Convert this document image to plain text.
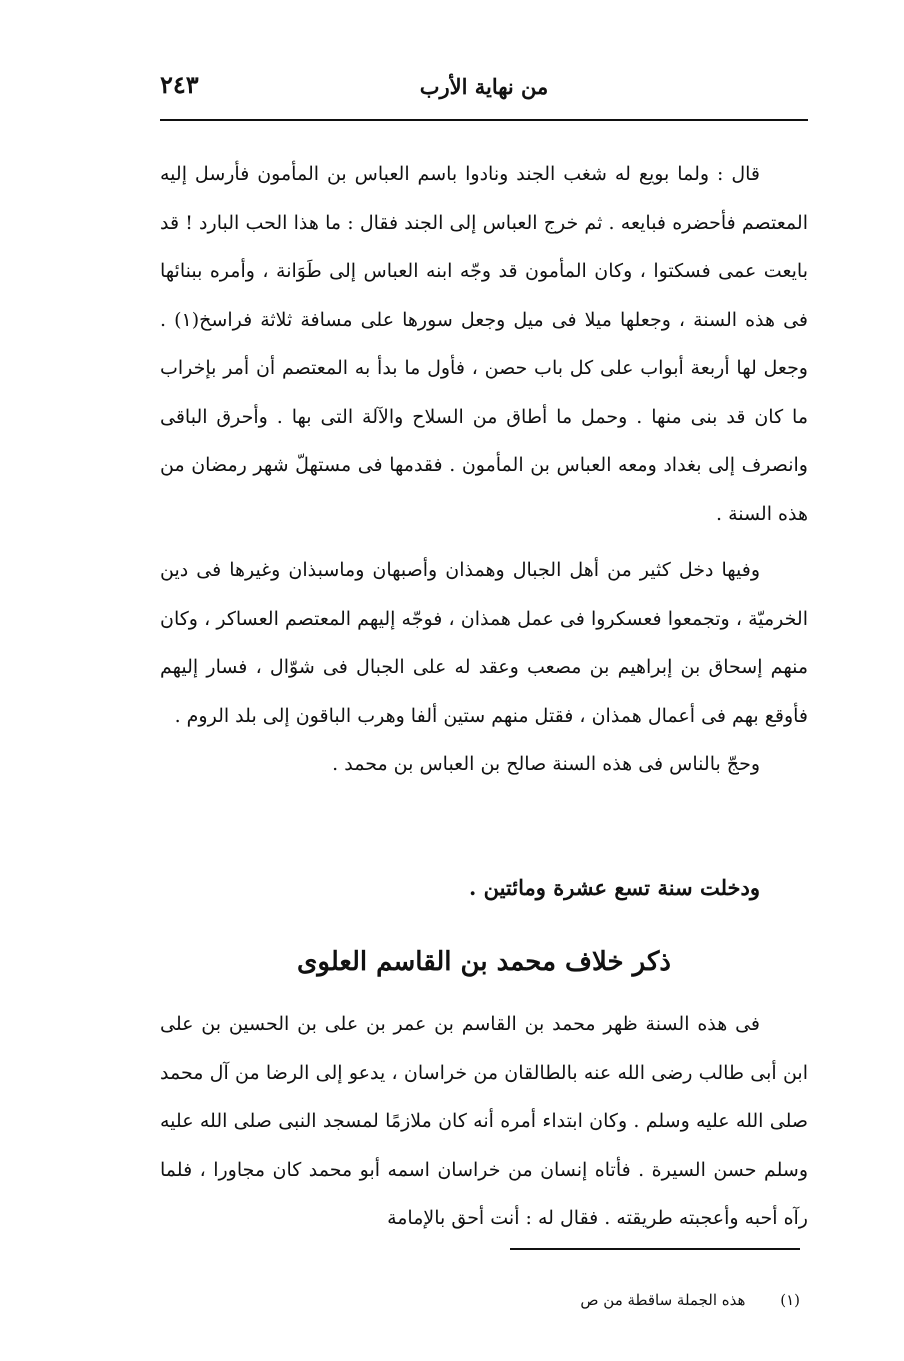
من نهاية الأرب
٢٤٣

قال : ولما بويع له شغب الجند ونادوا باسم العباس بن المأمون فأرسل إليه المعتصم فأحضره فبايعه . ثم خرج العباس إلى الجند فقال : ما هذا الحب البارد ! قد بايعت عمى فسكتوا ، وكان المأمون قد وجّه ابنه العباس إلى طَوَانة ، وأمره ببنائها فى هذه السنة ، وجعلها ميلا فى ميل وجعل سورها على مسافة ثلاثة فراسخ(١) . وجعل لها أربعة أبواب على كل باب حصن ، فأول ما بدأ به المعتصم أن أمر بإخراب ما كان قد بنى منها . وحمل ما أطاق من السلاح والآلة التى بها . وأحرق الباقى وانصرف إلى بغداد ومعه العباس بن المأمون . فقدمها فى مستهلّ شهر رمضان من هذه السنة .

وفيها دخل كثير من أهل الجبال وهمذان وأصبهان وماسبذان وغيرها فى دين الخرميّة ، وتجمعوا فعسكروا فى عمل همذان ، فوجّه إليهم المعتصم العساكر ، وكان منهم إسحاق بن إبراهيم بن مصعب وعقد له على الجبال فى شوّال ، فسار إليهم فأوقع بهم فى أعمال همذان ، فقتل منهم ستين ألفا وهرب الباقون إلى بلد الروم .

وحجّ بالناس فى هذه السنة صالح بن العباس بن محمد .

ودخلت سنة تسع عشرة ومائتين .
ذكر خلاف محمد بن القاسم العلوى

فى هذه السنة ظهر محمد بن القاسم بن عمر بن على بن الحسين بن على ابن أبى طالب رضى الله عنه بالطالقان من خراسان ، يدعو إلى الرضا من آل محمد صلى الله عليه وسلم . وكان ابتداء أمره أنه كان ملازمًا لمسجد النبى صلى الله عليه وسلم حسن السيرة . فأتاه إنسان من خراسان اسمه أبو محمد كان مجاورا ، فلما رآه أحبه وأعجبته طريقته . فقال له : أنت أحق بالإمامة

(١) هذه الجملة ساقطة من ص
